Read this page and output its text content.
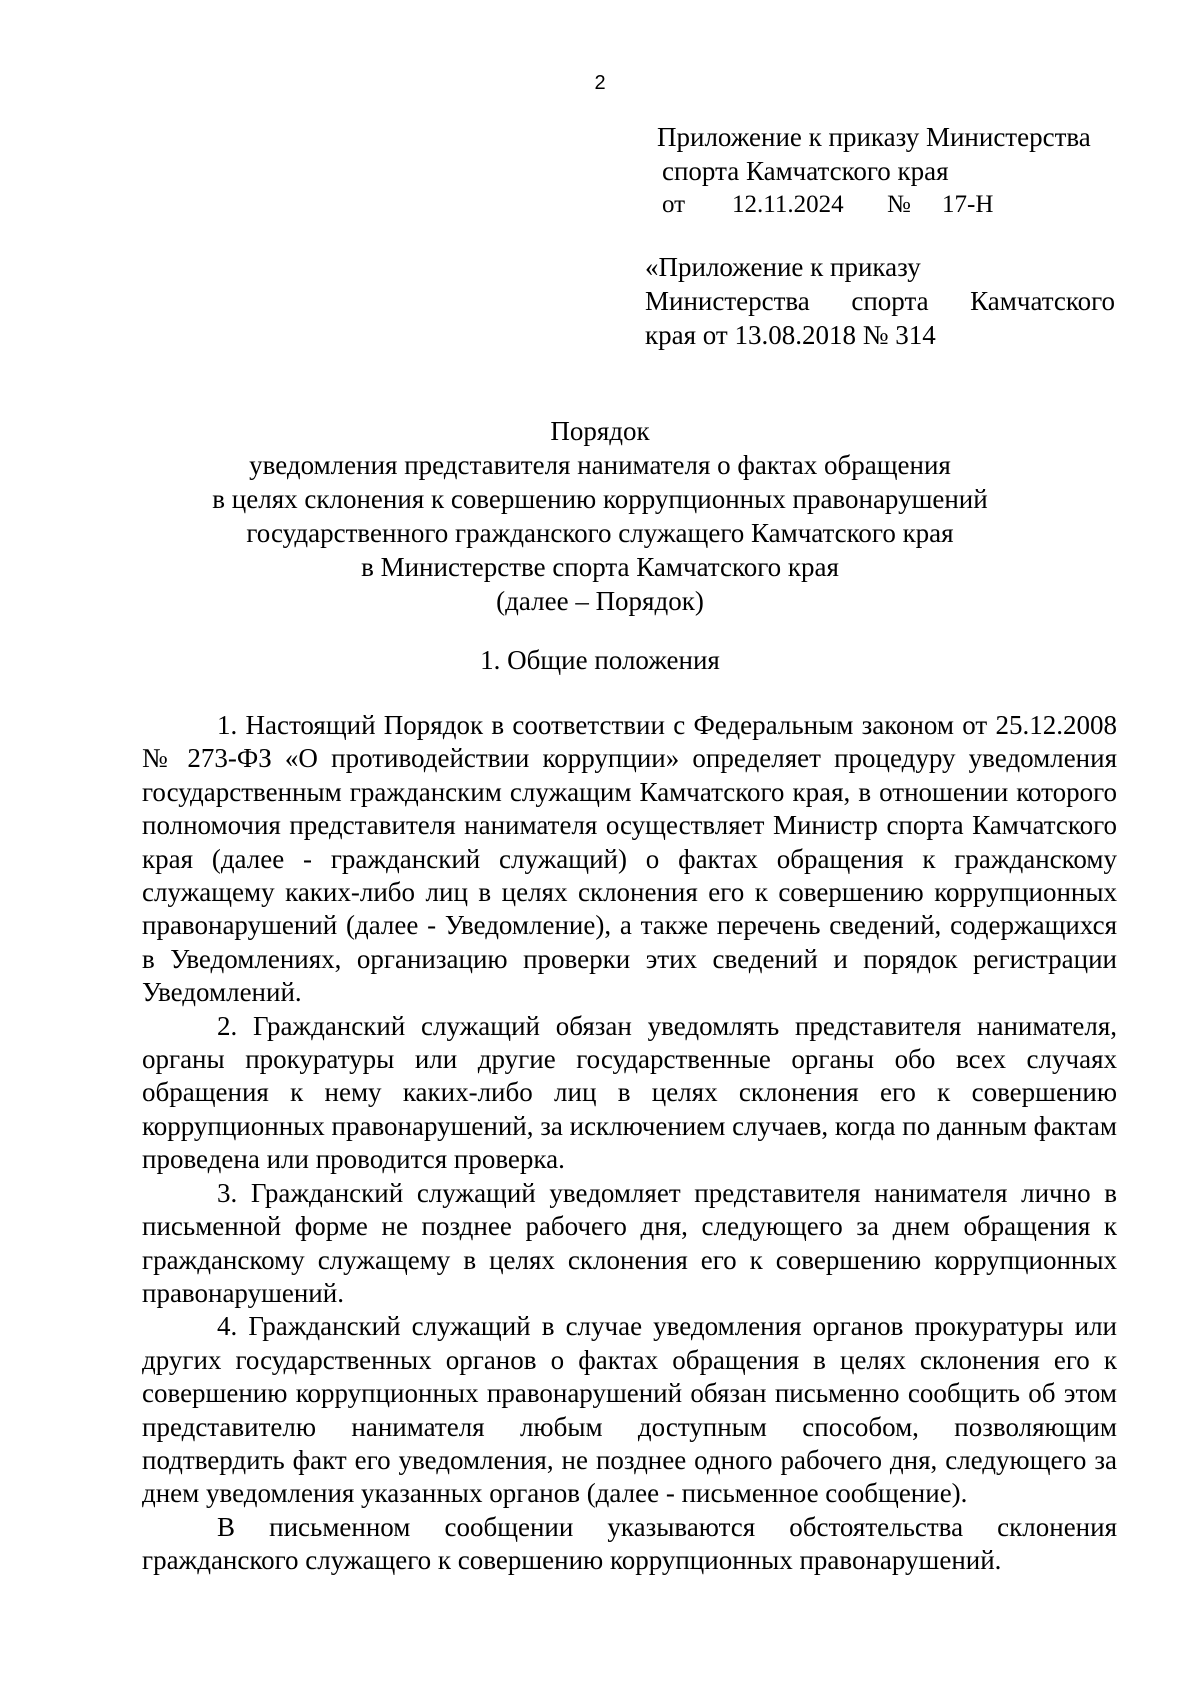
2
Приложение к приказу Министерства
спорта Камчатского края
от	12.11.2024	№	17-Н
«Приложение к приказу
Министерства спорта Камчатского
края от 13.08.2018 № 314
Порядок
уведомления представителя нанимателя о фактах обращения
в целях склонения к совершению коррупционных правонарушений
государственного гражданского служащего Камчатского края
в Министерстве спорта Камчатского края
(далее – Порядок)
1. Общие положения

1. Настоящий Порядок в соответствии с Федеральным законом от 25.12.2008 № 273-ФЗ «О противодействии коррупции» определяет процедуру уведомления государственным гражданским служащим Камчатского края, в отношении которого полномочия представителя нанимателя осуществляет Министр спорта Камчатского края (далее - гражданский служащий) о фактах обращения к гражданскому служащему каких-либо лиц в целях склонения его к совершению коррупционных правонарушений (далее - Уведомление), а также перечень сведений, содержащихся в Уведомлениях, организацию проверки этих сведений и порядок регистрации Уведомлений.

2. Гражданский служащий обязан уведомлять представителя нанимателя, органы прокуратуры или другие государственные органы обо всех случаях обращения к нему каких-либо лиц в целях склонения его к совершению коррупционных правонарушений, за исключением случаев, когда по данным фактам проведена или проводится проверка.

3. Гражданский служащий уведомляет представителя нанимателя лично в письменной форме не позднее рабочего дня, следующего за днем обращения к гражданскому служащему в целях склонения его к совершению коррупционных правонарушений.

4. Гражданский служащий в случае уведомления органов прокуратуры или других государственных органов о фактах обращения в целях склонения его к совершению коррупционных правонарушений обязан письменно сообщить об этом представителю нанимателя любым доступным способом, позволяющим подтвердить факт его уведомления, не позднее одного рабочего дня, следующего за днем уведомления указанных органов (далее - письменное сообщение).

В письменном сообщении указываются обстоятельства склонения гражданского служащего к совершению коррупционных правонарушений.
